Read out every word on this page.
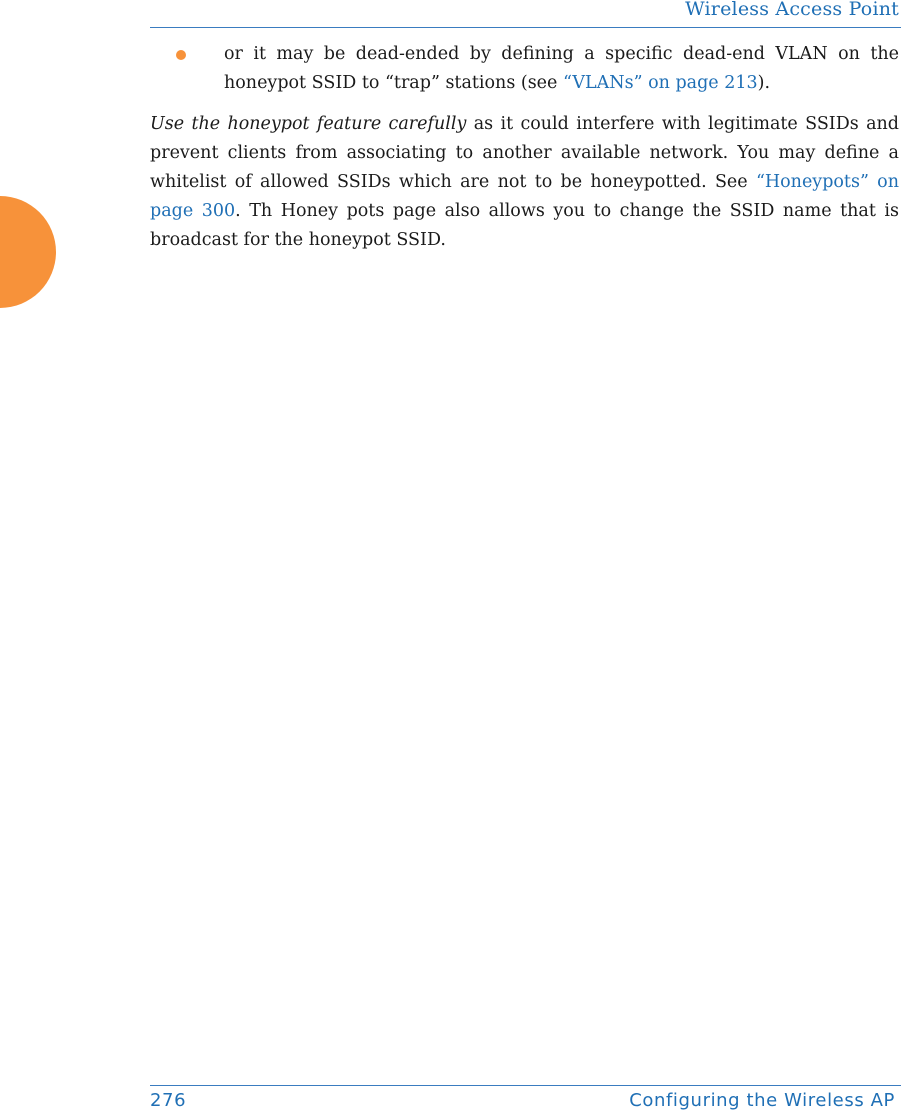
Wireless Access Point
or it may be dead-ended by defining a specific dead-end VLAN on the honeypot SSID to “trap” stations (see “VLANs” on page 213).
Use the honeypot feature carefully as it could interfere with legitimate SSIDs and prevent clients from associating to another available network. You may define a whitelist of allowed SSIDs which are not to be honeypotted. See “Honeypots” on page 300. Th Honey pots page also allows you to change the SSID name that is broadcast for the honeypot SSID.
276	Configuring the Wireless AP
